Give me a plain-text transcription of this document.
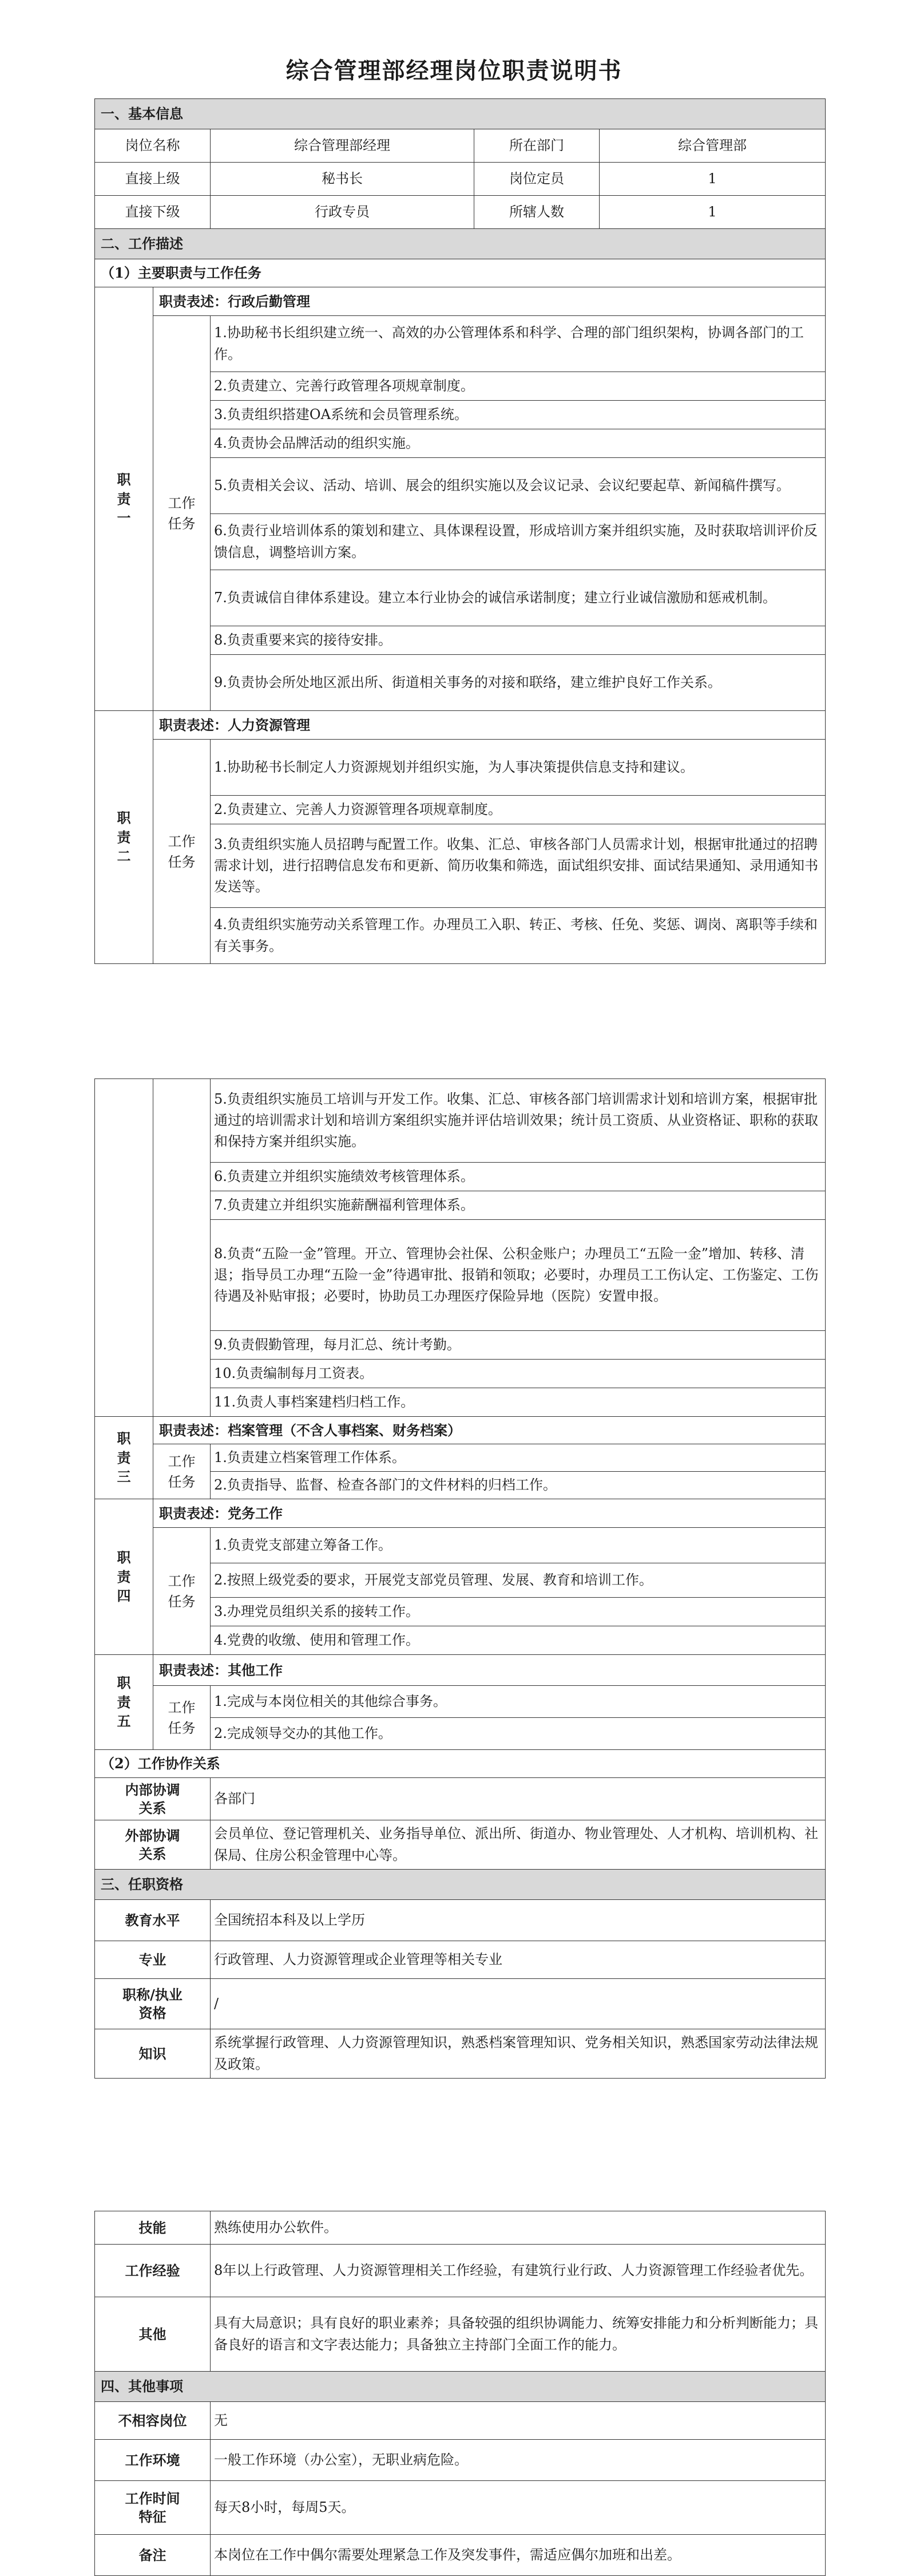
综合管理部经理岗位职责说明书
一、基本信息				
岗位名称		综合管理部经理	所在部门	综合管理部
直接上级		秘书长	岗位定员	1
直接下级		行政专员	所辖人数	1
二、工作描述				
（1）主要职责与工作任务				
职责一	职责表述：行政后勤管理			
	工作任务	1.协助秘书长组织建立统一、高效的办公管理体系和科学、合理的部门组织架构，协调各部门的工作。		
		2.负责建立、完善行政管理各项规章制度。		
		3.负责组织搭建OA系统和会员管理系统。		
		4.负责协会品牌活动的组织实施。		
		5.负责相关会议、活动、培训、展会的组织实施以及会议记录、会议纪要起草、新闻稿件撰写。		
		6.负责行业培训体系的策划和建立、具体课程设置，形成培训方案并组织实施，及时获取培训评价反馈信息，调整培训方案。		
		7.负责诚信自律体系建设。建立本行业协会的诚信承诺制度；建立行业诚信激励和惩戒机制。		
		8.负责重要来宾的接待安排。		
		9.负责协会所处地区派出所、街道相关事务的对接和联络，建立维护良好工作关系。		
职责二	职责表述：人力资源管理			
	工作任务	1.协助秘书长制定人力资源规划并组织实施，为人事决策提供信息支持和建议。		
		2.负责建立、完善人力资源管理各项规章制度。		
		3.负责组织实施人员招聘与配置工作。收集、汇总、审核各部门人员需求计划，根据审批通过的招聘需求计划，进行招聘信息发布和更新、简历收集和筛选，面试组织安排、面试结果通知、录用通知书发送等。		
		4.负责组织实施劳动关系管理工作。办理员工入职、转正、考核、任免、奖惩、调岗、离职等手续和有关事务。		
		5.负责组织实施员工培训与开发工作。收集、汇总、审核各部门培训需求计划和培训方案，根据审批通过的培训需求计划和培训方案组织实施并评估培训效果；统计员工资质、从业资格证、职称的获取和保持方案并组织实施。
		6.负责建立并组织实施绩效考核管理体系。
		7.负责建立并组织实施薪酬福利管理体系。
		8.负责“五险一金”管理。开立、管理协会社保、公积金账户；办理员工“五险一金”增加、转移、清退；指导员工办理“五险一金”待遇审批、报销和领取；必要时，办理员工工伤认定、工伤鉴定、工伤待遇及补贴审报；必要时，协助员工办理医疗保险异地（医院）安置申报。
		9.负责假勤管理，每月汇总、统计考勤。
		10.负责编制每月工资表。
		11.负责人事档案建档归档工作。
职责三	职责表述：档案管理（不含人事档案、财务档案）	
	工作任务	1.负责建立档案管理工作体系。
		2.负责指导、监督、检查各部门的文件材料的归档工作。
职责四	职责表述：党务工作	
	工作任务	1.负责党支部建立筹备工作。
		2.按照上级党委的要求，开展党支部党员管理、发展、教育和培训工作。
		3.办理党员组织关系的接转工作。
		4.党费的收缴、使用和管理工作。
职责五	职责表述：其他工作	
	工作任务	1.完成与本岗位相关的其他综合事务。
		2.完成领导交办的其他工作。
（2）工作协作关系	
内部协调关系	各部门
外部协调关系	会员单位、登记管理机关、业务指导单位、派出所、街道办、物业管理处、人才机构、培训机构、社保局、住房公积金管理中心等。
三、任职资格	
教育水平	全国统招本科及以上学历
专业	行政管理、人力资源管理或企业管理等相关专业
职称/执业资格	/
知识	系统掌握行政管理、人力资源管理知识，熟悉档案管理知识、党务相关知识，熟悉国家劳动法律法规及政策。
技能	熟练使用办公软件。
工作经验	8年以上行政管理、人力资源管理相关工作经验，有建筑行业行政、人力资源管理工作经验者优先。
其他	具有大局意识；具有良好的职业素养；具备较强的组织协调能力、统筹安排能力和分析判断能力；具备良好的语言和文字表达能力；具备独立主持部门全面工作的能力。
四、其他事项	
不相容岗位	无
工作环境	一般工作环境（办公室），无职业病危险。
工作时间特征	每天8小时，每周5天。
备注	本岗位在工作中偶尔需要处理紧急工作及突发事件，需适应偶尔加班和出差。
